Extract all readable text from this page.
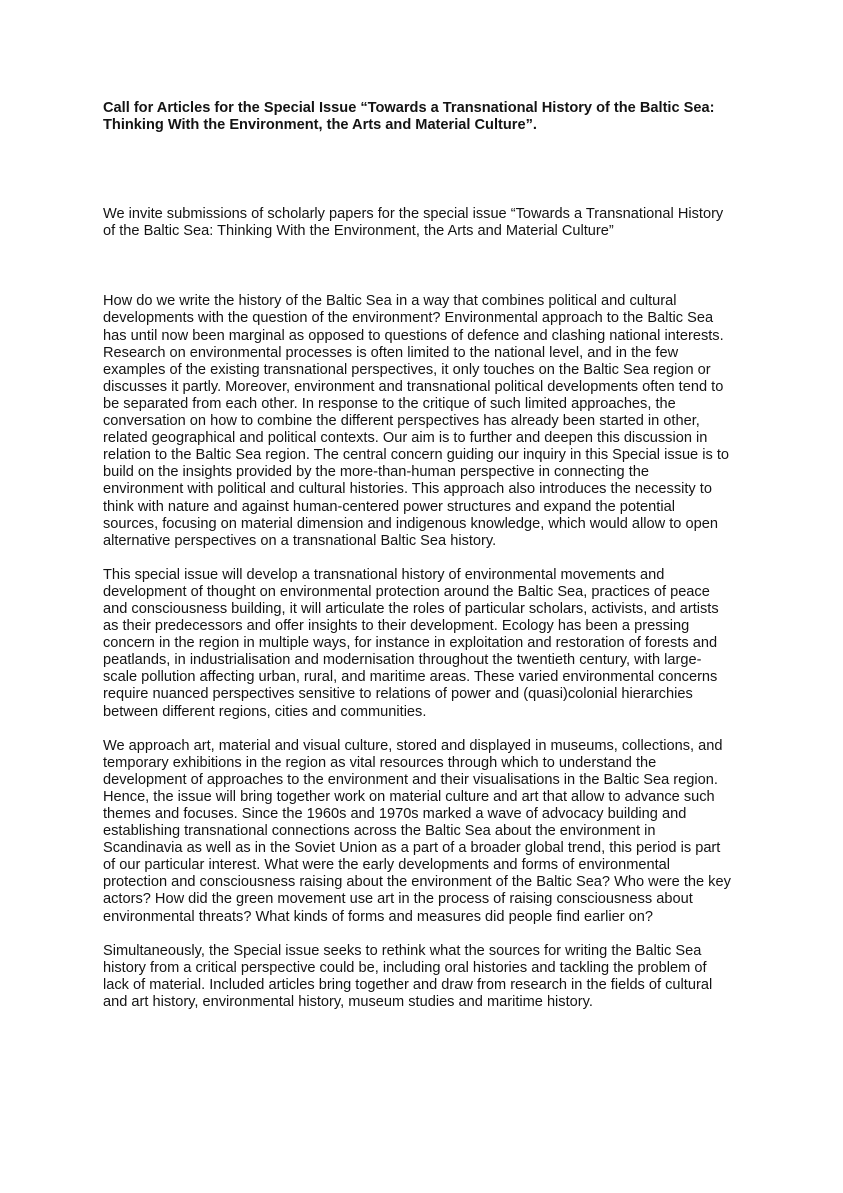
Call for Articles for the Special Issue “Towards a Transnational History of the Baltic Sea: Thinking With the Environment, the Arts and Material Culture”.

We invite submissions of scholarly papers for the special issue “Towards a Transnational History of the Baltic Sea: Thinking With the Environment, the Arts and Material Culture”

How do we write the history of the Baltic Sea in a way that combines political and cultural developments with the question of the environment? Environmental approach to the Baltic Sea has until now been marginal as opposed to questions of defence and clashing national interests. Research on environmental processes is often limited to the national level, and in the few examples of the existing transnational perspectives, it only touches on the Baltic Sea region or discusses it partly. Moreover, environment and transnational political developments often tend to be separated from each other. In response to the critique of such limited approaches, the conversation on how to combine the different perspectives has already been started in other, related geographical and political contexts. Our aim is to further and deepen this discussion in relation to the Baltic Sea region. The central concern guiding our inquiry in this Special issue is to build on the insights provided by the more-than-human perspective in connecting the environment with political and cultural histories. This approach also introduces the necessity to think with nature and against human-centered power structures and expand the potential sources, focusing on material dimension and indigenous knowledge, which would allow to open alternative perspectives on a transnational Baltic Sea history.

This special issue will develop a transnational history of environmental movements and development of thought on environmental protection around the Baltic Sea, practices of peace and consciousness building, it will articulate the roles of particular scholars, activists, and artists as their predecessors and offer insights to their development. Ecology has been a pressing concern in the region in multiple ways, for instance in exploitation and restoration of forests and peatlands, in industrialisation and modernisation throughout the twentieth century, with large-scale pollution affecting urban, rural, and maritime areas. These varied environmental concerns require nuanced perspectives sensitive to relations of power and (quasi)colonial hierarchies between different regions, cities and communities.

We approach art, material and visual culture, stored and displayed in museums, collections, and temporary exhibitions in the region as vital resources through which to understand the development of approaches to the environment and their visualisations in the Baltic Sea region. Hence, the issue will bring together work on material culture and art that allow to advance such themes and focuses. Since the 1960s and 1970s marked a wave of advocacy building and establishing transnational connections across the Baltic Sea about the environment in Scandinavia as well as in the Soviet Union as a part of a broader global trend, this period is part of our particular interest. What were the early developments and forms of environmental protection and consciousness raising about the environment of the Baltic Sea? Who were the key actors? How did the green movement use art in the process of raising consciousness about environmental threats? What kinds of forms and measures did people find earlier on?

Simultaneously, the Special issue seeks to rethink what the sources for writing the Baltic Sea history from a critical perspective could be, including oral histories and tackling the problem of lack of material. Included articles bring together and draw from research in the fields of cultural and art history, environmental history, museum studies and maritime history.
